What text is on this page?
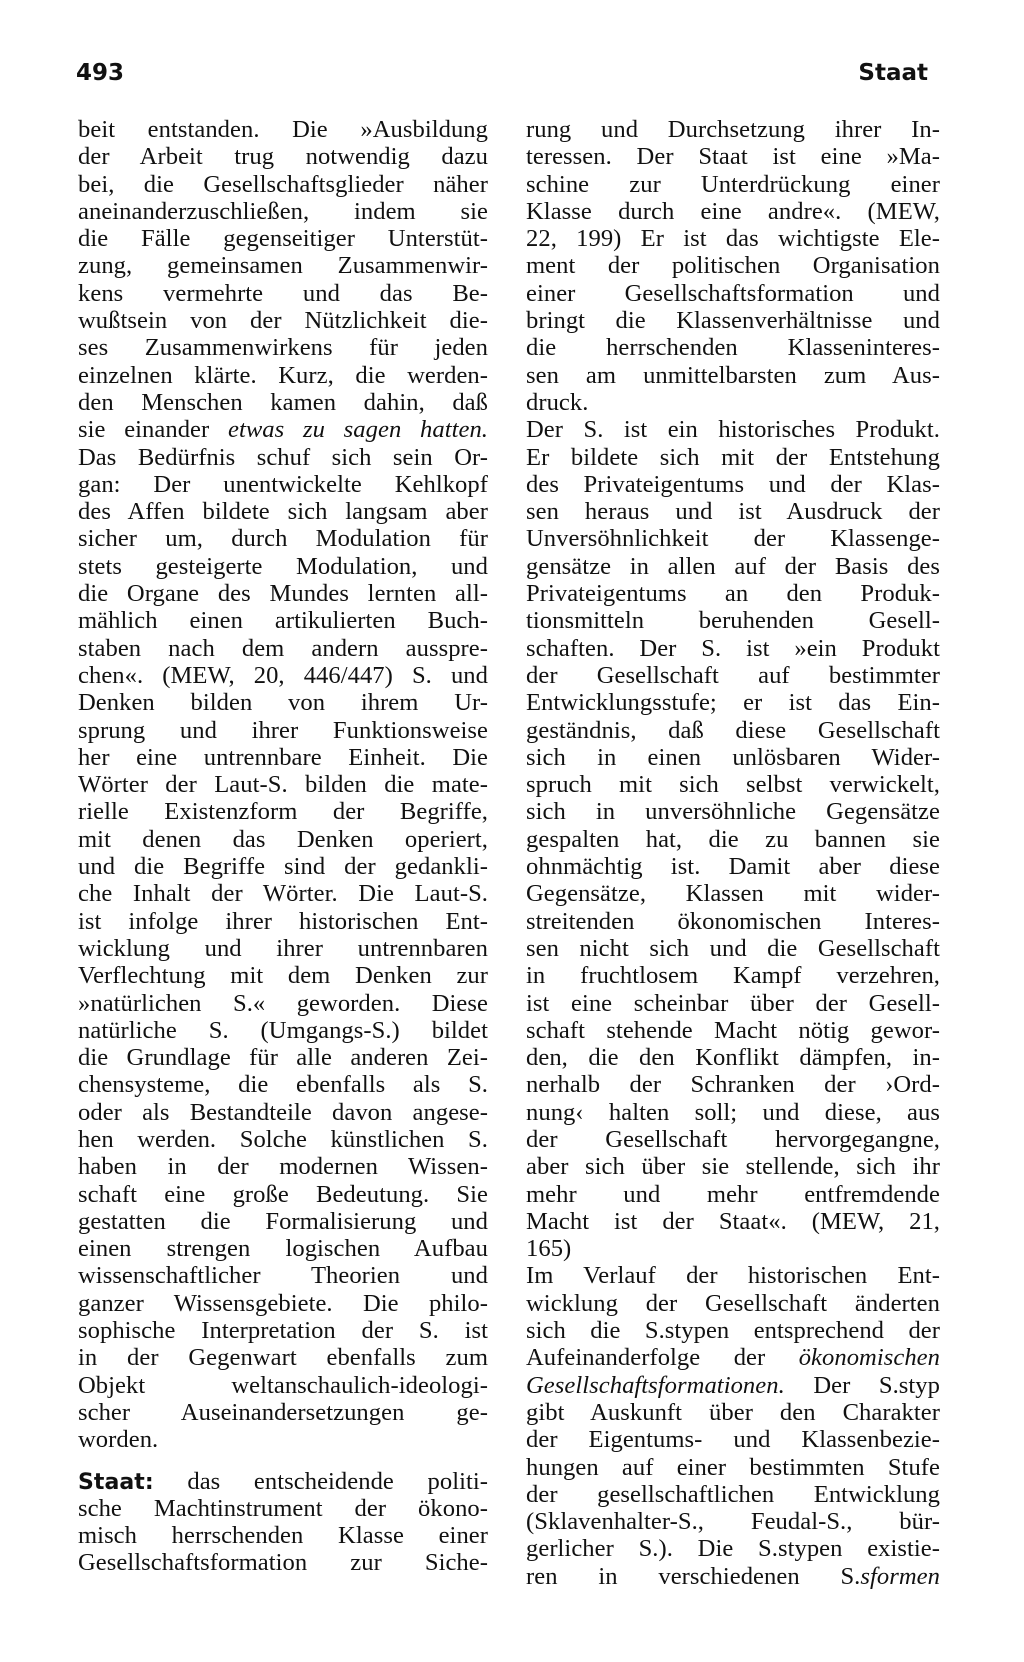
493	Staat
beit entstanden. Die »Ausbildung
der Arbeit trug notwendig dazu
bei, die Gesellschaftsglieder näher
aneinanderzuschließen, indem sie
die Fälle gegenseitiger Unterstüt-
zung, gemeinsamen Zusammenwir-
kens vermehrte und das Be-
wußtsein von der Nützlichkeit die-
ses Zusammenwirkens für jeden
einzelnen klärte. Kurz, die werden-
den Menschen kamen dahin, daß
sie einander etwas zu sagen hatten.
Das Bedürfnis schuf sich sein Or-
gan: Der unentwickelte Kehlkopf
des Affen bildete sich langsam aber
sicher um, durch Modulation für
stets gesteigerte Modulation, und
die Organe des Mundes lernten all-
mählich einen artikulierten Buch-
staben nach dem andern ausspre-
chen«. (MEW, 20, 446/447) S. und
Denken bilden von ihrem Ur-
sprung und ihrer Funktionsweise
her eine untrennbare Einheit. Die
Wörter der Laut-S. bilden die mate-
rielle Existenzform der Begriffe,
mit denen das Denken operiert,
und die Begriffe sind der gedankli-
che Inhalt der Wörter. Die Laut-S.
ist infolge ihrer historischen Ent-
wicklung und ihrer untrennbaren
Verflechtung mit dem Denken zur
»natürlichen S.« geworden. Diese
natürliche S. (Umgangs-S.) bildet
die Grundlage für alle anderen Zei-
chensysteme, die ebenfalls als S.
oder als Bestandteile davon angese-
hen werden. Solche künstlichen S.
haben in der modernen Wissen-
schaft eine große Bedeutung. Sie
gestatten die Formalisierung und
einen strengen logischen Aufbau
wissenschaftlicher Theorien und
ganzer Wissensgebiete. Die philo-
sophische Interpretation der S. ist
in der Gegenwart ebenfalls zum
Objekt weltanschaulich-ideologi-
scher Auseinandersetzungen ge-
worden.
Staat: das entscheidende politi-
sche Machtinstrument der ökono-
misch herrschenden Klasse einer
Gesellschaftsformation zur Siche-
rung und Durchsetzung ihrer In-
teressen. Der Staat ist eine »Ma-
schine zur Unterdrückung einer
Klasse durch eine andre«. (MEW,
22, 199) Er ist das wichtigste Ele-
ment der politischen Organisation
einer Gesellschaftsformation und
bringt die Klassenverhältnisse und
die herrschenden Klasseninteres-
sen am unmittelbarsten zum Aus-
druck.
Der S. ist ein historisches Produkt.
Er bildete sich mit der Entstehung
des Privateigentums und der Klas-
sen heraus und ist Ausdruck der
Unversöhnlichkeit der Klassenge-
gensätze in allen auf der Basis des
Privateigentums an den Produk-
tionsmitteln beruhenden Gesell-
schaften. Der S. ist »ein Produkt
der Gesellschaft auf bestimmter
Entwicklungsstufe; er ist das Ein-
geständnis, daß diese Gesellschaft
sich in einen unlösbaren Wider-
spruch mit sich selbst verwickelt,
sich in unversöhnliche Gegensätze
gespalten hat, die zu bannen sie
ohnmächtig ist. Damit aber diese
Gegensätze, Klassen mit wider-
streitenden ökonomischen Interes-
sen nicht sich und die Gesellschaft
in fruchtlosem Kampf verzehren,
ist eine scheinbar über der Gesell-
schaft stehende Macht nötig gewor-
den, die den Konflikt dämpfen, in-
nerhalb der Schranken der ›Ord-
nung‹ halten soll; und diese, aus
der Gesellschaft hervorgegangne,
aber sich über sie stellende, sich ihr
mehr und mehr entfremdende
Macht ist der Staat«. (MEW, 21,
165)
Im Verlauf der historischen Ent-
wicklung der Gesellschaft änderten
sich die S.stypen entsprechend der
Aufeinanderfolge der ökonomischen
Gesellschaftsformationen. Der S.styp
gibt Auskunft über den Charakter
der Eigentums- und Klassenbezie-
hungen auf einer bestimmten Stufe
der gesellschaftlichen Entwicklung
(Sklavenhalter-S., Feudal-S., bür-
gerlicher S.). Die S.stypen existie-
ren in verschiedenen S.sformen
